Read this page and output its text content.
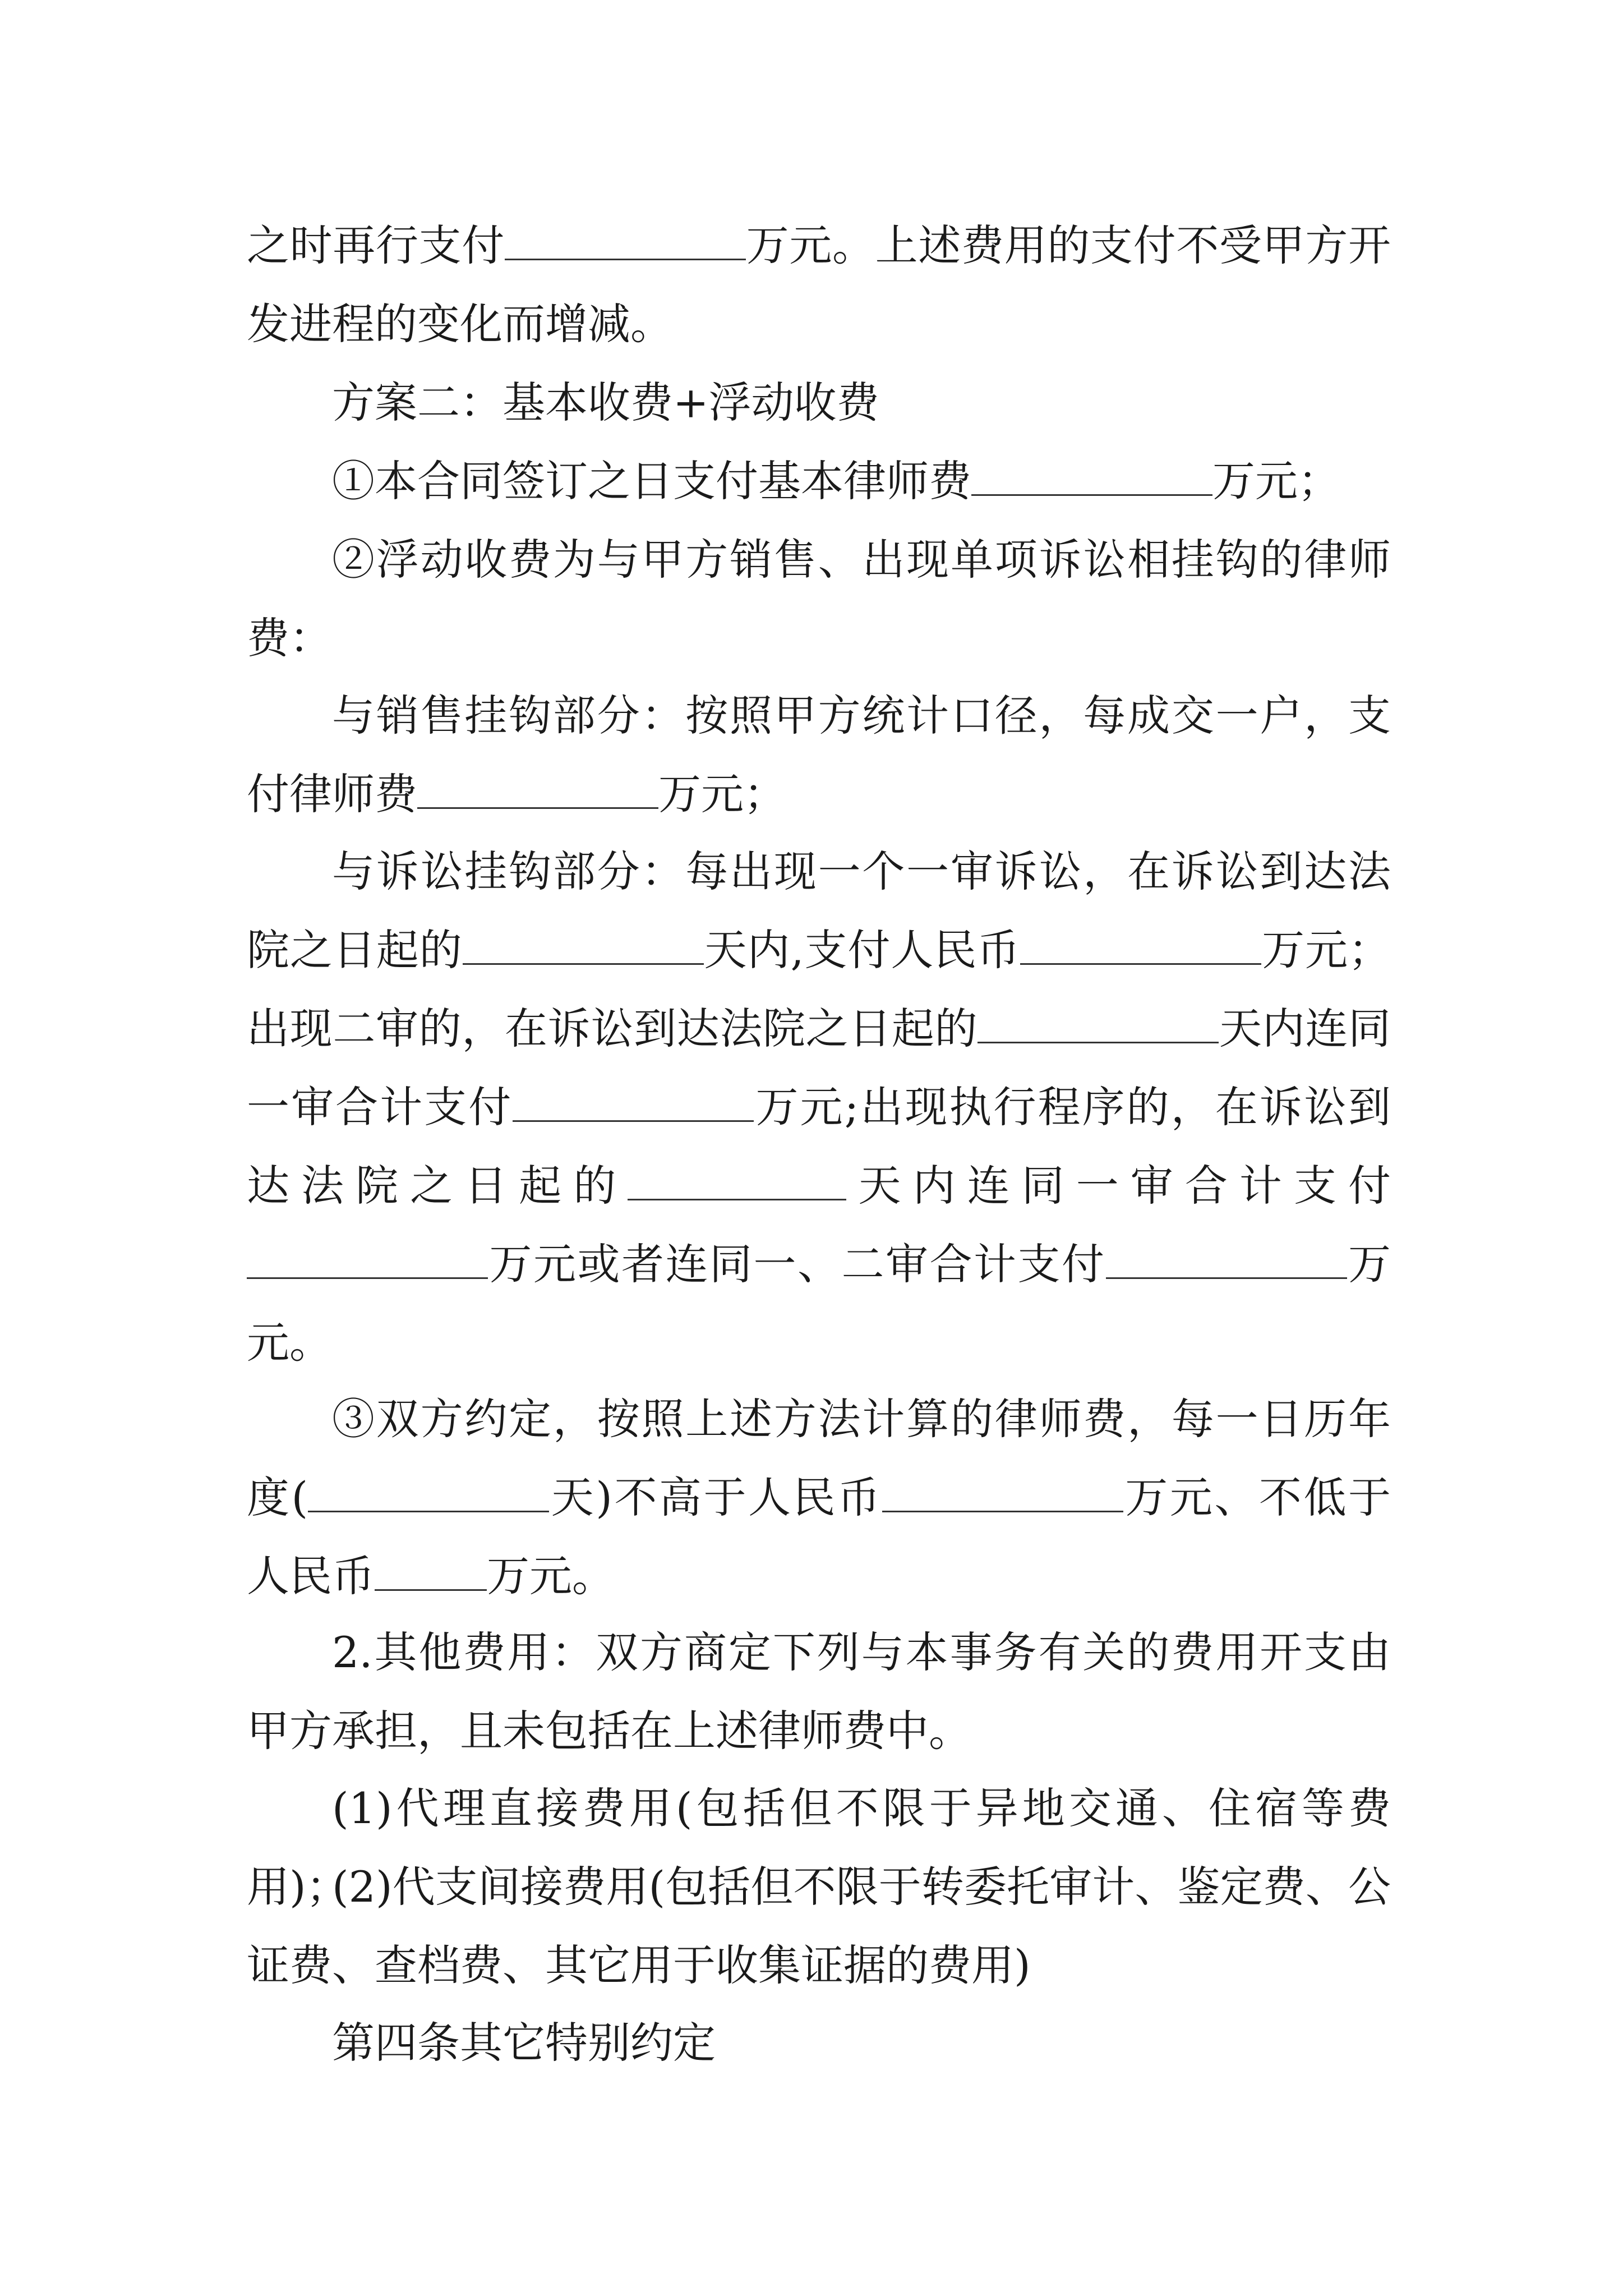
之时再行支付	万元。上述费用的支付不受甲方开发进程的变化而增减。

方案二：基本收费+浮动收费

①本合同签订之日支付基本律师费	万元；

②浮动收费为与甲方销售、出现单项诉讼相挂钩的律师费：

与销售挂钩部分：按照甲方统计口径，每成交一户，支付律师费	万元；

与诉讼挂钩部分：每出现一个一审诉讼，在诉讼到达法院之日起的	天内,支付人民币	万元；出现二审的，在诉讼到达法院之日起的	天内连同一审合计支付	万元;出现执行程序的，在诉讼到达法院之日起的	天内连同一审合计支付万元或者连同一、二审合计支付	万元。

③双方约定，按照上述方法计算的律师费，每一日历年度(	天)不高于人民币	万元、不低于人民币	万元。

2.其他费用：双方商定下列与本事务有关的费用开支由甲方承担，且未包括在上述律师费中。

(1)代理直接费用(包括但不限于异地交通、住宿等费用)；

(2)代支间接费用(包括但不限于转委托审计、鉴定费、公证费、查档费、其它用于收集证据的费用)

第四条其它特别约定
